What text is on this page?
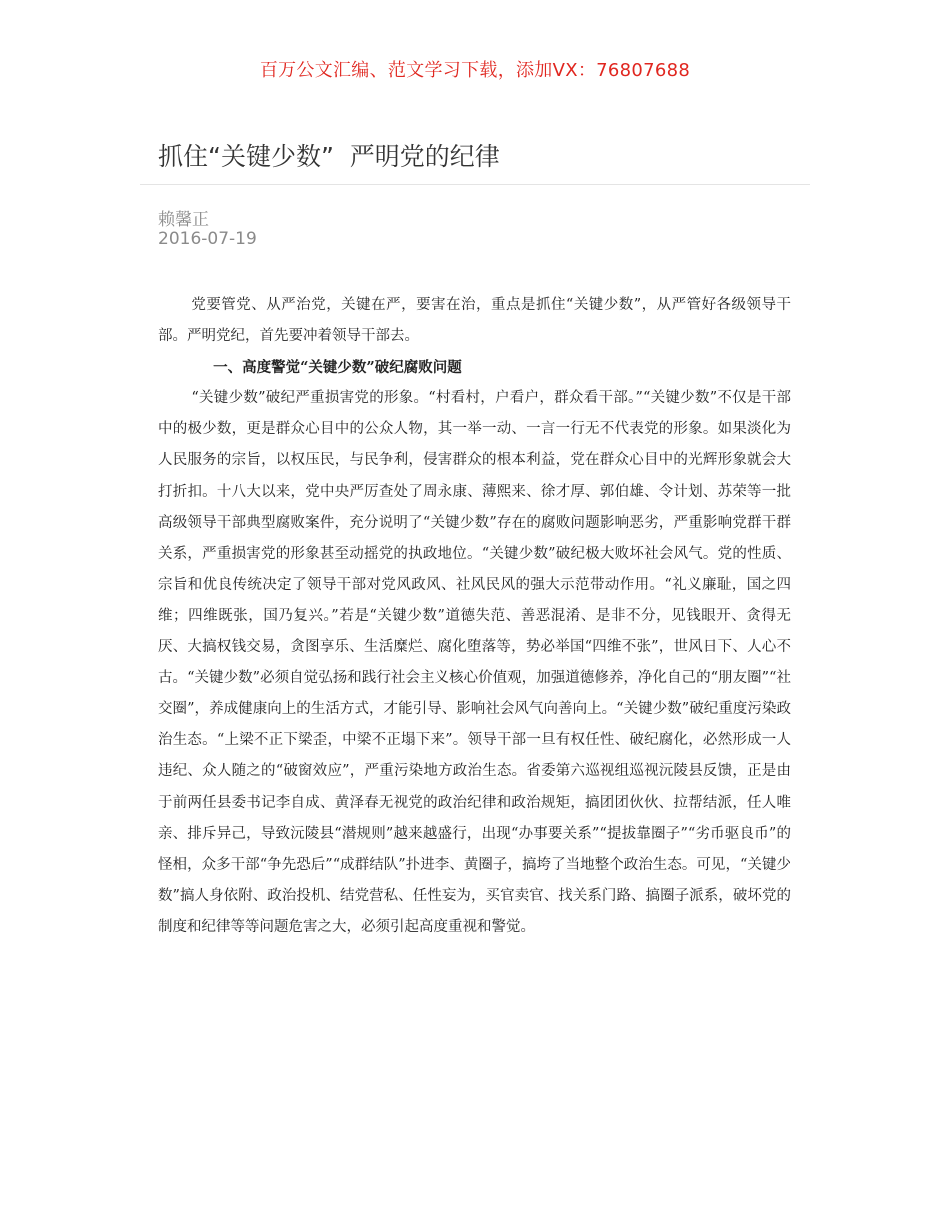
百万公文汇编、范文学习下载，添加VX：76807688
抓住“关键少数”  严明党的纪律
赖馨正
2016-07-19

党要管党、从严治党，关键在严，要害在治，重点是抓住“关键少数”，从严管好各级领导干部。严明党纪，首先要冲着领导干部去。

一、高度警觉“关键少数”破纪腐败问题

“关键少数”破纪严重损害党的形象。“村看村，户看户，群众看干部。”“关键少数”不仅是干部中的极少数，更是群众心目中的公众人物，其一举一动、一言一行无不代表党的形象。如果淡化为人民服务的宗旨，以权压民，与民争利，侵害群众的根本利益，党在群众心目中的光辉形象就会大打折扣。十八大以来，党中央严厉查处了周永康、薄熙来、徐才厚、郭伯雄、令计划、苏荣等一批高级领导干部典型腐败案件，充分说明了“关键少数”存在的腐败问题影响恶劣，严重影响党群干群关系，严重损害党的形象甚至动摇党的执政地位。“关键少数”破纪极大败坏社会风气。党的性质、宗旨和优良传统决定了领导干部对党风政风、社风民风的强大示范带动作用。“礼义廉耻，国之四维；四维既张，国乃复兴。”若是“关键少数”道德失范、善恶混淆、是非不分，见钱眼开、贪得无厌、大搞权钱交易，贪图享乐、生活糜烂、腐化堕落等，势必举国“四维不张”，世风日下、人心不古。“关键少数”必须自觉弘扬和践行社会主义核心价值观，加强道德修养，净化自己的“朋友圈”“社交圈”，养成健康向上的生活方式，才能引导、影响社会风气向善向上。“关键少数”破纪重度污染政治生态。“上梁不正下梁歪，中梁不正塌下来”。领导干部一旦有权任性、破纪腐化，必然形成一人违纪、众人随之的“破窗效应”，严重污染地方政治生态。省委第六巡视组巡视沅陵县反馈，正是由于前两任县委书记李自成、黄泽春无视党的政治纪律和政治规矩，搞团团伙伙、拉帮结派，任人唯亲、排斥异己，导致沅陵县“潜规则”越来越盛行，出现“办事要关系”“提拔靠圈子”“劣币驱良币”的怪相，众多干部“争先恐后”“成群结队”扑进李、黄圈子，搞垮了当地整个政治生态。可见，“关键少数”搞人身依附、政治投机、结党营私、任性妄为，买官卖官、找关系门路、搞圈子派系，破坏党的制度和纪律等等问题危害之大，必须引起高度重视和警觉。
